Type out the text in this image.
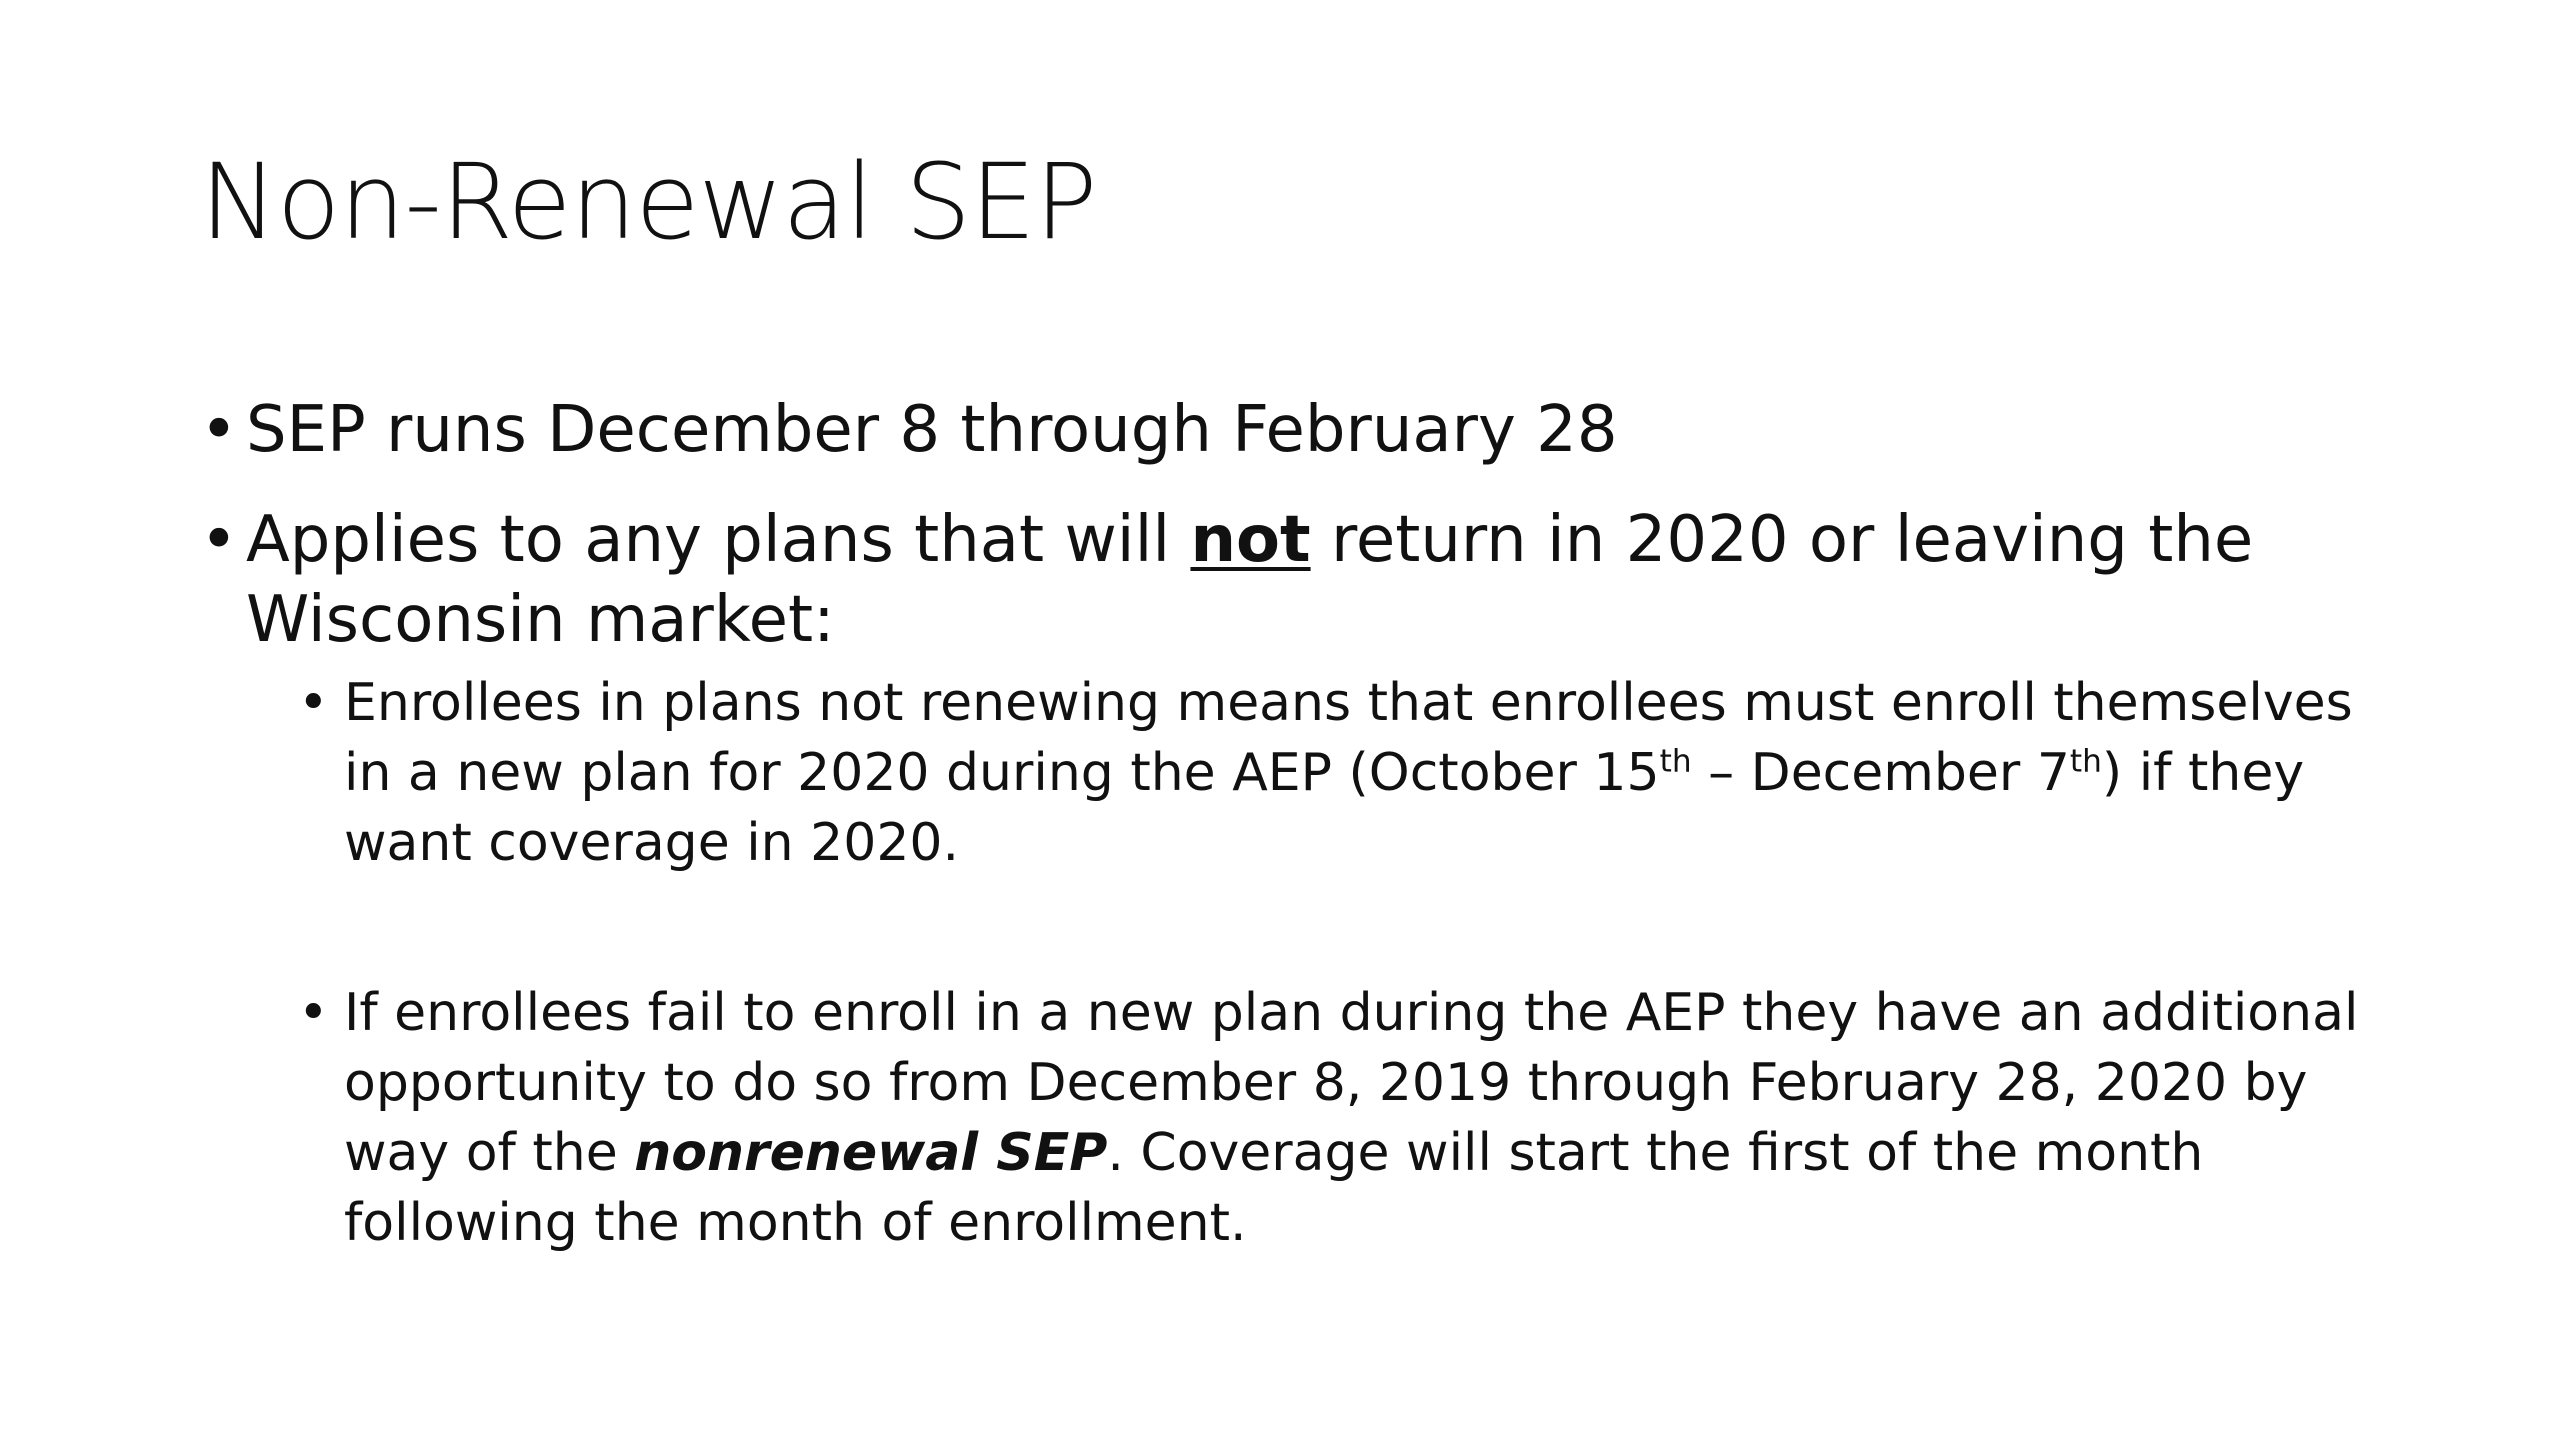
Non-Renewal SEP
• SEP runs December 8 through February 28
• Applies to any plans that will not return in 2020 or leaving the Wisconsin market:
• Enrollees in plans not renewing means that enrollees must enroll themselves in a new plan for 2020 during the AEP (October 15th – December 7th) if they want coverage in 2020.
• If enrollees fail to enroll in a new plan during the AEP they have an additional opportunity to do so from December 8, 2019 through February 28, 2020 by way of the nonrenewal SEP. Coverage will start the first of the month following the month of enrollment.
